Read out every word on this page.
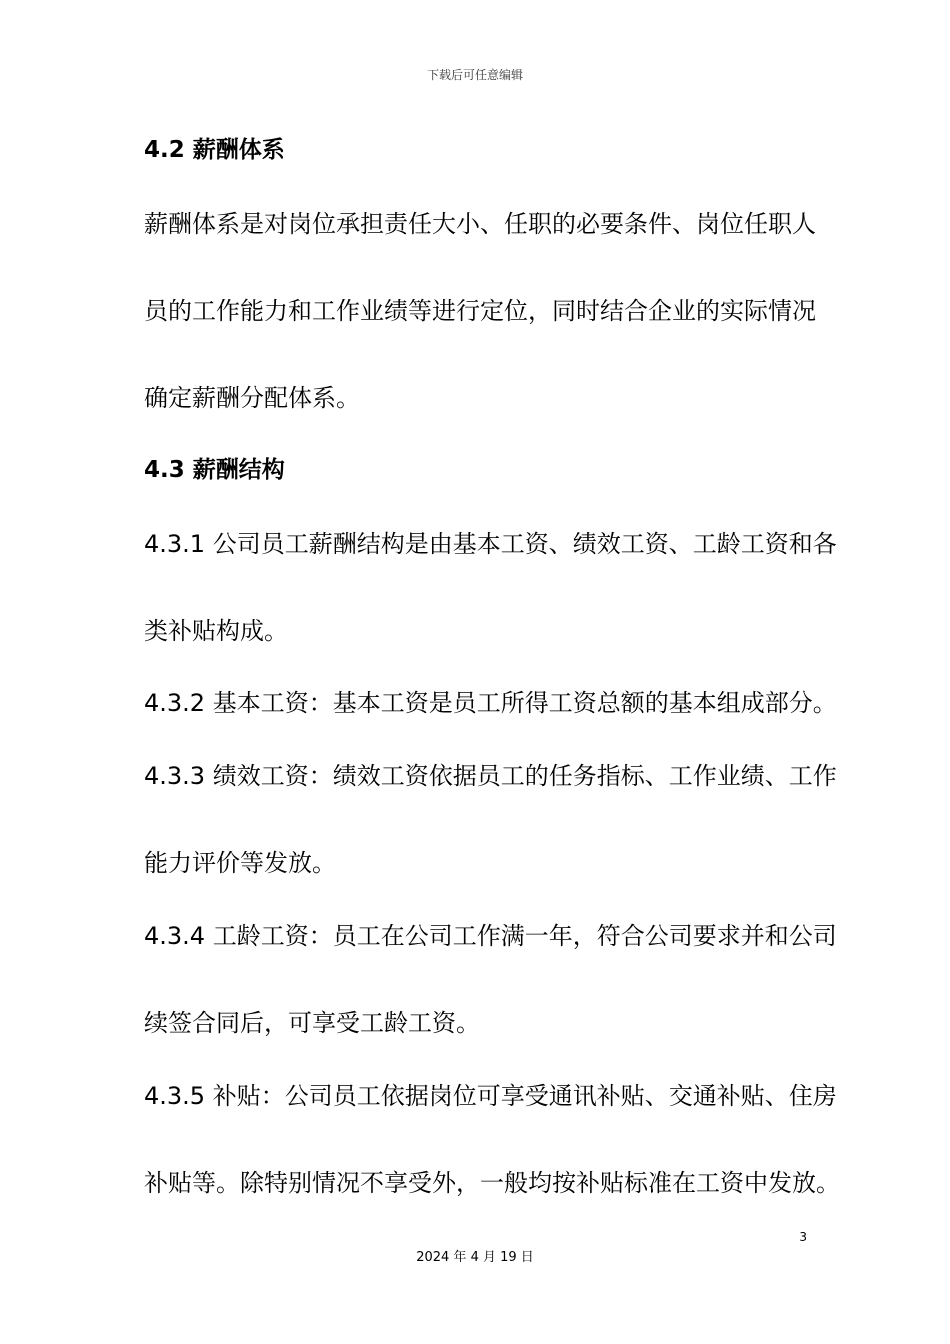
下载后可任意编辑
4.2 薪酬体系
薪酬体系是对岗位承担责任大小、任职的必要条件、岗位任职人
员的工作能力和工作业绩等进行定位，同时结合企业的实际情况
确定薪酬分配体系。
4.3 薪酬结构
4.3.1 公司员工薪酬结构是由基本工资、绩效工资、工龄工资和各
类补贴构成。
4.3.2 基本工资：基本工资是员工所得工资总额的基本组成部分。
4.3.3 绩效工资：绩效工资依据员工的任务指标、工作业绩、工作
能力评价等发放。
4.3.4 工龄工资：员工在公司工作满一年，符合公司要求并和公司
续签合同后，可享受工龄工资。
4.3.5 补贴：公司员工依据岗位可享受通讯补贴、交通补贴、住房
补贴等。除特别情况不享受外，一般均按补贴标准在工资中发放。
3
2024 年 4 月 19 日
